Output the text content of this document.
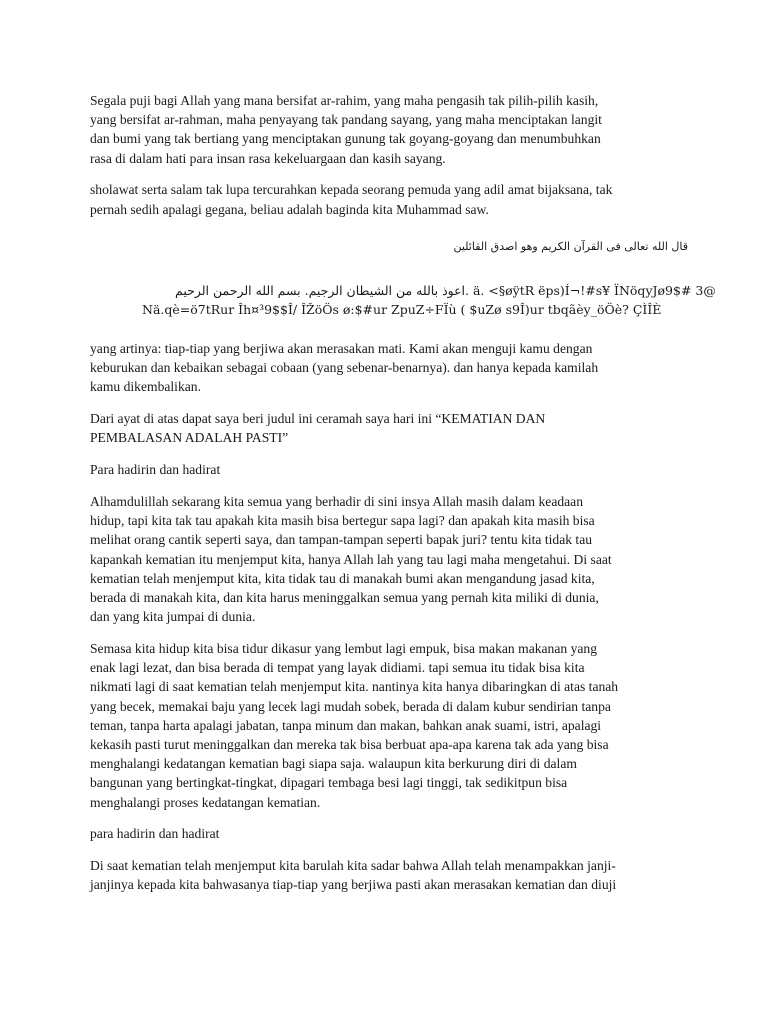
Segala puji bagi Allah yang mana bersifat ar-rahim, yang maha pengasih tak pilih-pilih kasih,
yang bersifat ar-rahman, maha penyayang tak pandang sayang, yang maha menciptakan langit
dan bumi yang tak bertiang yang menciptakan gunung tak goyang-goyang dan menumbuhkan
rasa di dalam hati para insan rasa kekeluargaan dan kasih sayang.

sholawat serta salam tak lupa tercurahkan kepada seorang pemuda yang adil amat bijaksana, tak
pernah sedih apalagi gegana, beliau adalah baginda kita Muhammad saw.

قال الله تعالى فى القرآن الكريم وهو اصدق القائلين

اعوذ بالله من الشيطان الرجيم. بسم الله الرحمن الرحيم. ä. <§øÿtR ëps)Í¬!#s¥ ÏNöqyJø9$# 3@

Nä.qè=ö7tRur Îh¤³9$$Î/ ÎŽöÖs ø:$#ur ZpuZ÷FÏù ( $uZø s9Î)ur tbqãèy_öÖè? ÇÌÎÈ

yang artinya: tiap-tiap yang berjiwa akan merasakan mati. Kami akan menguji kamu dengan
keburukan dan kebaikan sebagai cobaan (yang sebenar-benarnya). dan hanya kepada kamilah
kamu dikembalikan.

Dari ayat di atas dapat saya beri judul ini ceramah saya hari ini “KEMATIAN DAN
PEMBALASAN ADALAH PASTI”

Para hadirin dan hadirat

Alhamdulillah sekarang kita semua yang berhadir di sini insya Allah masih dalam keadaan
hidup, tapi kita tak tau apakah kita masih bisa bertegur sapa lagi? dan apakah kita masih bisa
melihat orang cantik seperti saya, dan tampan-tampan seperti bapak juri? tentu kita tidak tau
kapankah kematian itu menjemput kita, hanya Allah lah yang tau lagi maha mengetahui. Di saat
kematian telah menjemput kita, kita tidak tau di manakah bumi akan mengandung jasad kita,
berada di manakah kita, dan kita harus meninggalkan semua yang pernah kita miliki di dunia,
dan yang kita jumpai di dunia.

Semasa kita hidup kita bisa tidur dikasur yang lembut lagi empuk, bisa makan makanan yang
enak lagi lezat, dan bisa berada di tempat yang layak didiami. tapi semua itu tidak bisa kita
nikmati lagi di saat kematian telah menjemput kita. nantinya kita hanya dibaringkan di atas tanah
yang becek, memakai baju yang lecek lagi mudah sobek, berada di dalam kubur sendirian tanpa
teman, tanpa harta apalagi jabatan, tanpa minum dan makan, bahkan anak suami, istri, apalagi
kekasih pasti turut meninggalkan dan mereka tak bisa berbuat apa-apa karena tak ada yang bisa
menghalangi kedatangan kematian bagi siapa saja. walaupun kita berkurung diri di dalam
bangunan yang bertingkat-tingkat, dipagari tembaga besi lagi tinggi, tak sedikitpun bisa
menghalangi proses kedatangan kematian.

para hadirin dan hadirat

Di saat kematian telah menjemput kita barulah kita sadar bahwa Allah telah menampakkan janji-
janjinya kepada kita bahwasanya tiap-tiap yang berjiwa pasti akan merasakan kematian dan diuji
